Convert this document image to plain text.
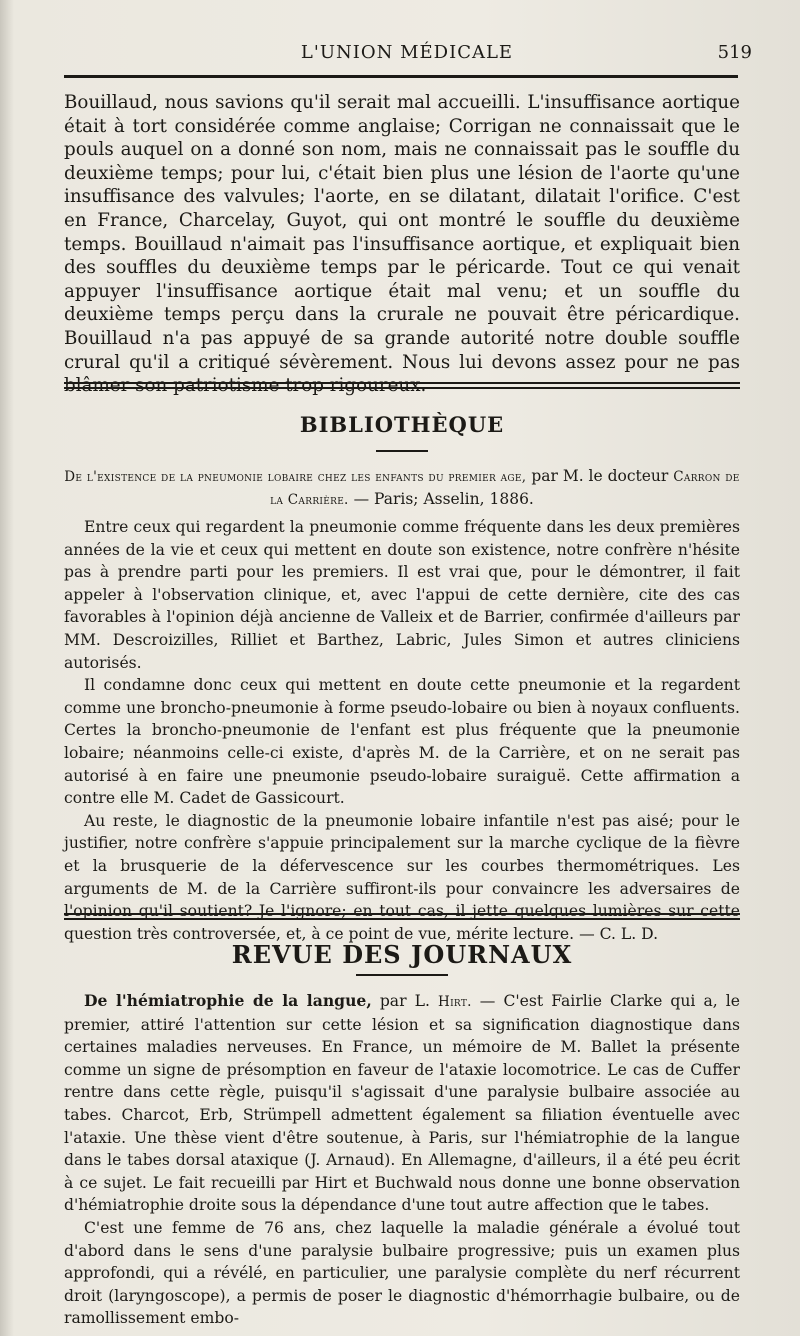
L'UNION MÉDICALE	519
Bouillaud, nous savions qu'il serait mal accueilli. L'insuffisance aortique était à tort considérée comme anglaise; Corrigan ne connaissait que le pouls auquel on a donné son nom, mais ne connaissait pas le souffle du deuxième temps; pour lui, c'était bien plus une lésion de l'aorte qu'une insuffisance des valvules; l'aorte, en se dilatant, dilatait l'orifice. C'est en France, Charcelay, Guyot, qui ont montré le souffle du deuxième temps. Bouillaud n'aimait pas l'insuffisance aortique, et expliquait bien des souffles du deuxième temps par le péricarde. Tout ce qui venait appuyer l'insuffisance aortique était mal venu; et un souffle du deuxième temps perçu dans la crurale ne pouvait être péricardique. Bouillaud n'a pas appuyé de sa grande autorité notre double souffle crural qu'il a critiqué sévèrement. Nous lui devons assez pour ne pas blâmer son patriotisme trop rigoureux.
BIBLIOTHÈQUE
De l'existence de la pneumonie lobaire chez les enfants du premier age, par M. le docteur Carron de la Carrière. — Paris; Asselin, 1886.

Entre ceux qui regardent la pneumonie comme fréquente dans les deux premières années de la vie et ceux qui mettent en doute son existence, notre confrère n'hésite pas à prendre parti pour les premiers. Il est vrai que, pour le démontrer, il fait appeler à l'observation clinique, et, avec l'appui de cette dernière, cite des cas favorables à l'opinion déjà ancienne de Valleix et de Barrier, confirmée d'ailleurs par MM. Descroizilles, Rilliet et Barthez, Labric, Jules Simon et autres cliniciens autorisés.

Il condamne donc ceux qui mettent en doute cette pneumonie et la regardent comme une broncho-pneumonie à forme pseudo-lobaire ou bien à noyaux confluents. Certes la broncho-pneumonie de l'enfant est plus fréquente que la pneumonie lobaire; néanmoins celle-ci existe, d'après M. de la Carrière, et on ne serait pas autorisé à en faire une pneumonie pseudo-lobaire suraiguë. Cette affirmation a contre elle M. Cadet de Gassicourt.

Au reste, le diagnostic de la pneumonie lobaire infantile n'est pas aisé; pour le justifier, notre confrère s'appuie principalement sur la marche cyclique de la fièvre et la brusquerie de la défervescence sur les courbes thermométriques. Les arguments de M. de la Carrière suffiront-ils pour convaincre les adversaires de l'opinion qu'il soutient? Je l'ignore; en tout cas, il jette quelques lumières sur cette question très controversée, et, à ce point de vue, mérite lecture. — C. L. D.

REVUE DES JOURNAUX

De l'hémiatrophie de la langue, par L. Hirt. — C'est Fairlie Clarke qui a, le premier, attiré l'attention sur cette lésion et sa signification diagnostique dans certaines maladies nerveuses. En France, un mémoire de M. Ballet la présente comme un signe de présomption en faveur de l'ataxie locomotrice. Le cas de Cuffer rentre dans cette règle, puisqu'il s'agissait d'une paralysie bulbaire associée au tabes. Charcot, Erb, Strümpell admettent également sa filiation éventuelle avec l'ataxie. Une thèse vient d'être soutenue, à Paris, sur l'hémiatrophie de la langue dans le tabes dorsal ataxique (J. Arnaud). En Allemagne, d'ailleurs, il a été peu écrit à ce sujet. Le fait recueilli par Hirt et Buchwald nous donne une bonne observation d'hémiatrophie droite sous la dépendance d'une tout autre affection que le tabes.

C'est une femme de 76 ans, chez laquelle la maladie générale a évolué tout d'abord dans le sens d'une paralysie bulbaire progressive; puis un examen plus approfondi, qui a révélé, en particulier, une paralysie complète du nerf récurrent droit (laryngoscope), a permis de poser le diagnostic d'hémorrhagie bulbaire, ou de ramollissement embo-
